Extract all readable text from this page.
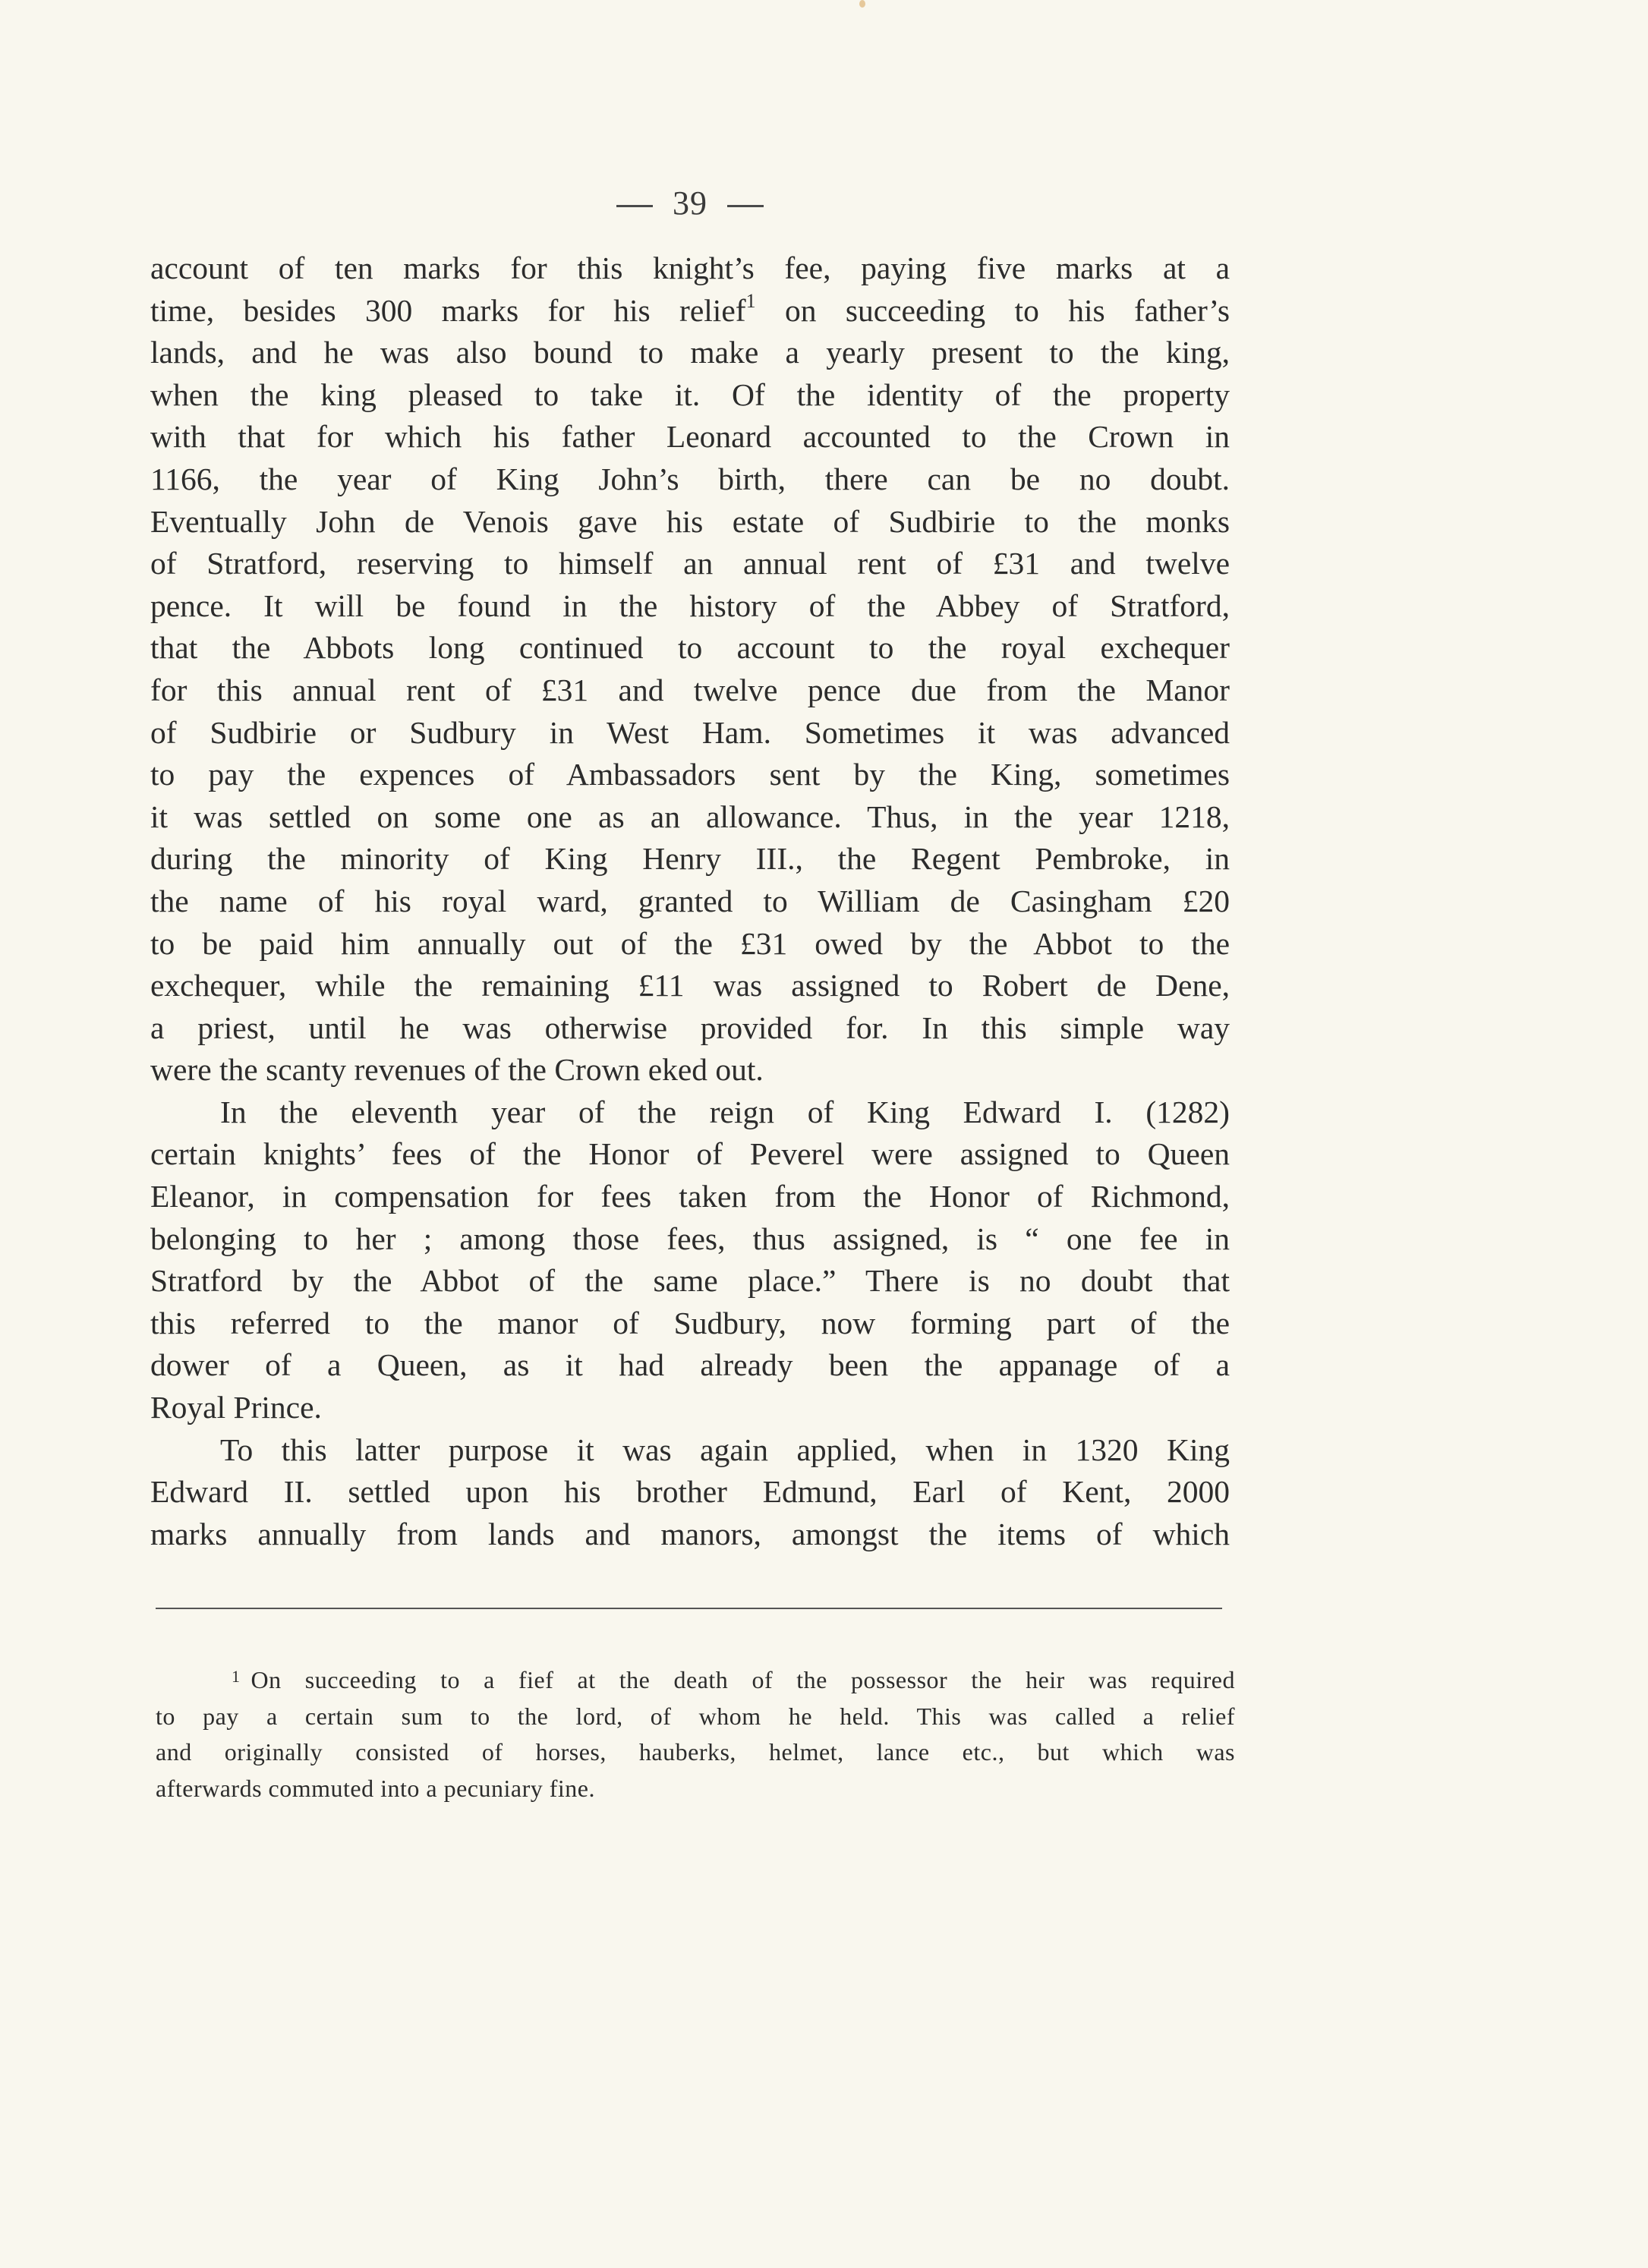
39
account of ten marks for this knight’s fee, paying five marks at a
time, besides 300 marks for his relief$^1$ on succeeding to his father’s
lands, and he was also bound to make a yearly present to the king,
when the king pleased to take it. Of the identity of the property
with that for which his father Leonard accounted to the Crown in
1166, the year of King John’s birth, there can be no doubt.
Eventually John de Venois gave his estate of Sudbirie to the monks
of Stratford, reserving to himself an annual rent of £31 and twelve
pence. It will be found in the history of the Abbey of Stratford,
that the Abbots long continued to account to the royal exchequer
for this annual rent of £31 and twelve pence due from the Manor
of Sudbirie or Sudbury in West Ham. Sometimes it was advanced
to pay the expences of Ambassadors sent by the King, sometimes
it was settled on some one as an allowance. Thus, in the year 1218,
during the minority of King Henry III., the Regent Pembroke, in
the name of his royal ward, granted to William de Casingham £20
to be paid him annually out of the £31 owed by the Abbot to the
exchequer, while the remaining £11 was assigned to Robert de Dene,
a priest, until he was otherwise provided for. In this simple way
were the scanty revenues of the Crown eked out.
In the eleventh year of the reign of King Edward I. (1282)
certain knights’ fees of the Honor of Peverel were assigned to Queen
Eleanor, in compensation for fees taken from the Honor of Richmond,
belonging to her ; among those fees, thus assigned, is “ one fee in
Stratford by the Abbot of the same place.” There is no doubt that
this referred to the manor of Sudbury, now forming part of the
dower of a Queen, as it had already been the appanage of a
Royal Prince.
To this latter purpose it was again applied, when in 1320 King
Edward II. settled upon his brother Edmund, Earl of Kent, 2000
marks annually from lands and manors, amongst the items of which
$^1$ On succeeding to a fief at the death of the possessor the heir was required
to pay a certain sum to the lord, of whom he held. This was called a relief
and originally consisted of horses, hauberks, helmet, lance etc., but which was
afterwards commuted into a pecuniary fine.
